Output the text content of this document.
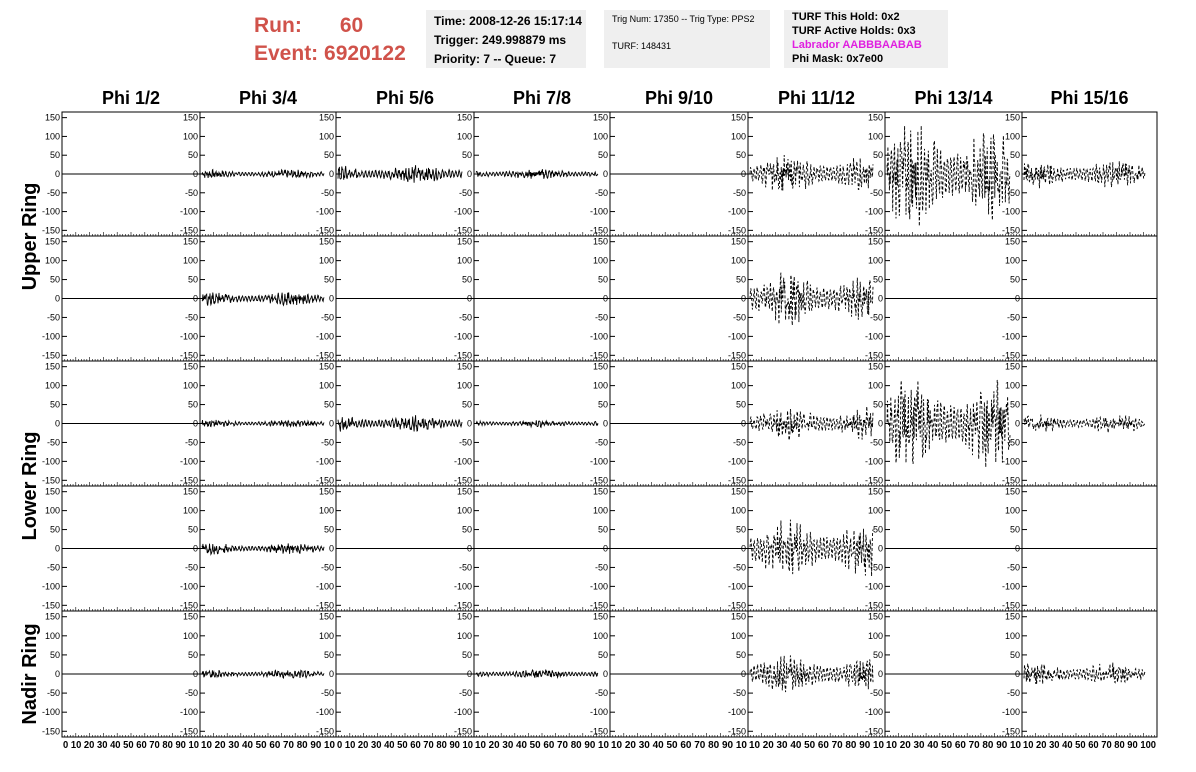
Run: 60
Event: 6920122
Time: 2008-12-26 15:17:14
Trigger: 249.998879 ms
Priority: 7 -- Queue: 7
Trig Num: 17350 -- Trig Type: PPS2
TURF: 148431
TURF This Hold: 0x2
TURF Active Holds: 0x3
Labrador AABBBAABAB
Phi Mask: 0x7e00
Phi 1/2	Phi 3/4	Phi 5/6	Phi 7/8	Phi 9/10	Phi 11/12	Phi 13/14	Phi 15/16
Upper Ring
Lower Ring
Nadir Ring
150
100
50
0
-50
-100
-150
150
100
50
0
-50
-100
-150
150
100
50
0
-50
-100
-150
150
100
50
0
-50
-100
-150
150
100
50
0
-50
-100
-150
150
100
50
0
-50
-100
-150
150
100
50
0
-50
-100
-150
150
100
50
0
-50
-100
-150
150
100
50
0
-50
-100
-150
150
100
50
0
-50
-100
-150
150
100
50
0
-50
-100
-150
150
100
50
0
-50
-100
-150
150
100
50
0
-50
-100
-150
150
100
50
0
-50
-100
-150
150
100
50
0
-50
-100
-150
150
100
50
0
-50
-100
-150
150
100
50
0
-50
-100
-150
150
100
50
0
-50
-100
-150
150
100
50
0
-50
-100
-150
150
100
50
0
-50
-100
-150
150
100
50
0
-50
-100
-150
150
100
50
0
-50
-100
-150
150
100
50
0
-50
-100
-150
150
100
50
0
-50
-100
-150
150
100
50
0
-50
-100
-150
150
100
50
0
-50
-100
-150
150
100
50
0
-50
-100
-150
150
100
50
0
-50
-100
-150
150
100
50
0
-50
-100
-150
150
100
50
0
-50
-100
-150
150
100
50
0
-50
-100
-150
150
100
50
0
-50
-100
-150
150
100
50
0
-50
-100
-150
150
100
50
0
-50
-100
-150
150
100
50
0
-50
-100
-150
150
100
50
0
-50
-100
-150
150
100
50
0
-50
-100
-150
150
100
50
0
-50
-100
-150
150
100
50
0
-50
-100
-150
150
100
50
0
-50
-100
-150
0 10 20 30 40 50 60 70 80 90 10 10 20 30 40 50 60 70 80 90 10 0 10 20 30 40 50 60 70 80 90 10 10 20 30 40 50 60 70 80 90 10 10 20 30 40 50 60 70 80 90 10 10 20 30 40 50 60 70 80 90 10 10 20 30 40 50 60 70 80 90 10 10 20 30 40 50 60 70 80 90 100
